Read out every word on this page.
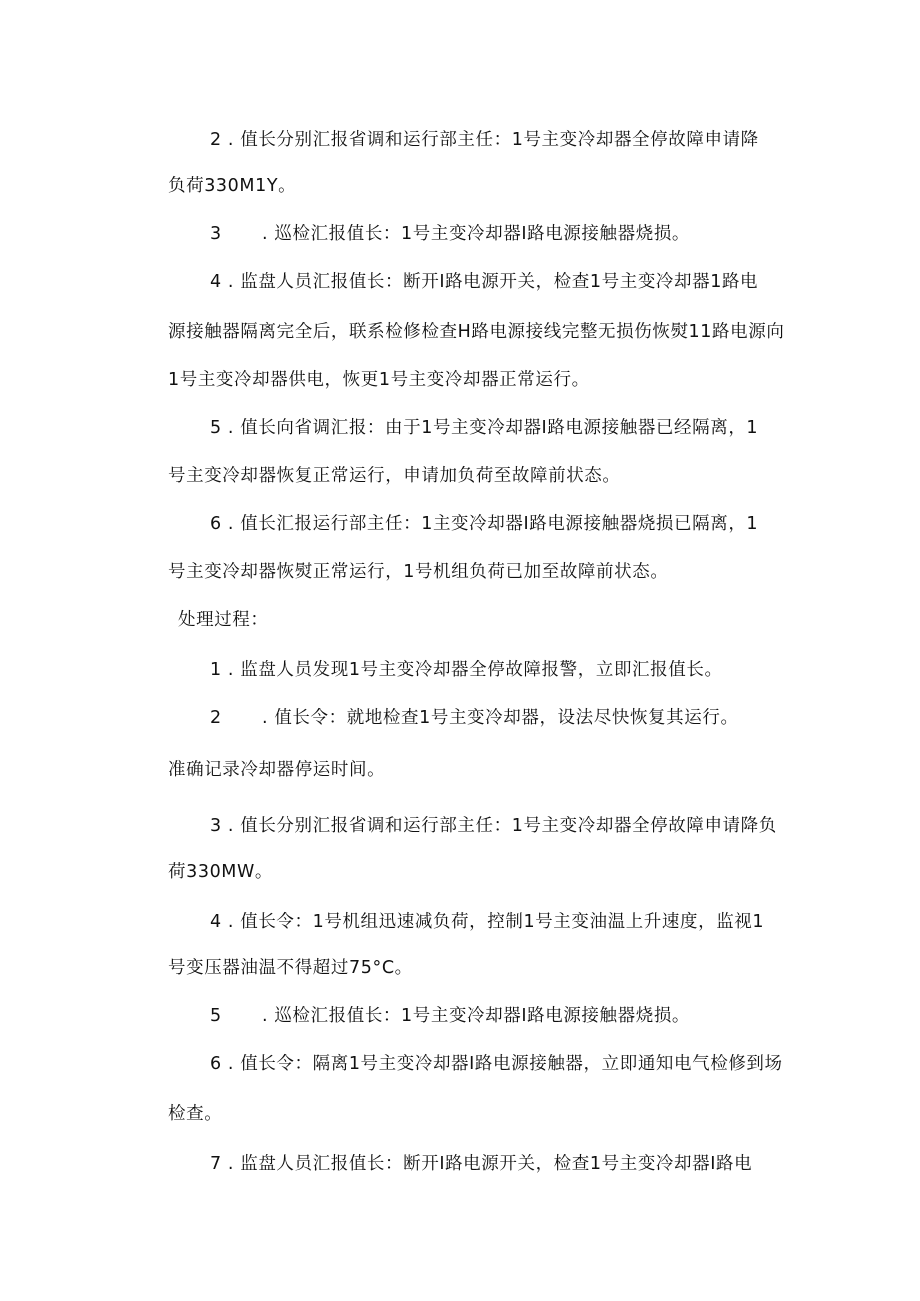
2 . 值长分别汇报省调和运行部主任：1号主变冷却器全停故障申请降
负荷330M1Y。
3 . 巡检汇报值长：1号主变冷却器I路电源接触器烧损。
4 . 监盘人员汇报值长：断开I路电源开关，检查1号主变冷却器1路电
源接触器隔离完全后，联系检修检查H路电源接线完整无损伤恢熨11路电源向
1号主变冷却器供电，恢更1号主变冷却器正常运行。
5 . 值长向省调汇报：由于1号主变冷却器I路电源接触器已经隔离，1
号主变冷却器恢复正常运行，申请加负荷至故障前状态。
6 . 值长汇报运行部主任：1主变冷却器I路电源接触器烧损已隔离，1
号主变冷却器恢熨正常运行，1号机组负荷已加至故障前状态。
处理过程：
1 . 监盘人员发现1号主变冷却器全停故障报警，立即汇报值长。
2 . 值长令：就地检查1号主变冷却器，设法尽快恢复其运行。
准确记录冷却器停运时间。
3 . 值长分别汇报省调和运行部主任：1号主变冷却器全停故障申请降负
荷330MW。
4 . 值长令：1号机组迅速减负荷，控制1号主变油温上升速度，监视1
号变压器油温不得超过75°C。
5 . 巡检汇报值长：1号主变冷却器I路电源接触器烧损。
6 . 值长令：隔离1号主变冷却器I路电源接触器，立即通知电气检修到场
检查。
7 . 监盘人员汇报值长：断开I路电源开关，检查1号主变冷却器I路电
